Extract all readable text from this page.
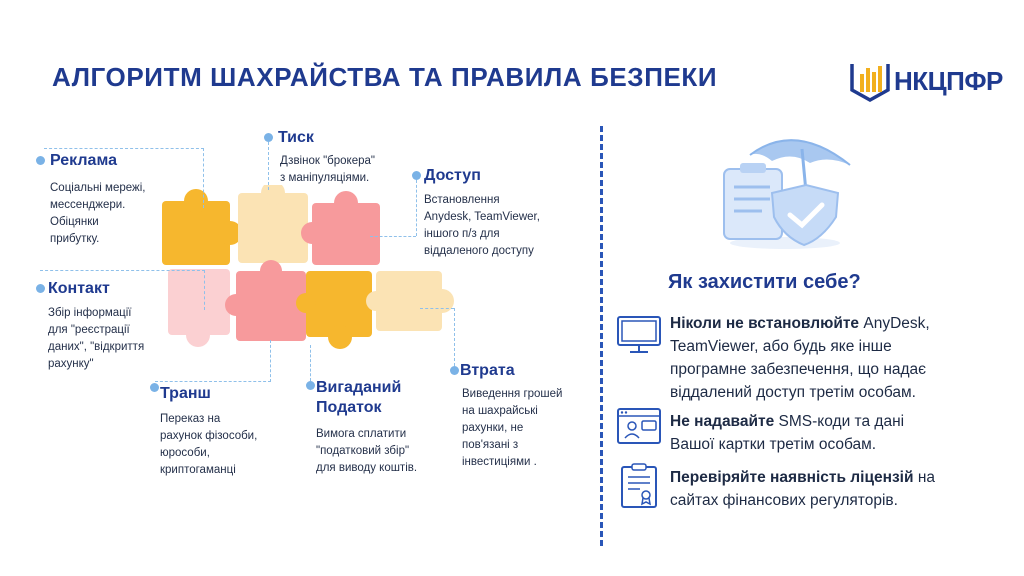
АЛГОРИТМ ШАХРАЙСТВА ТА ПРАВИЛА БЕЗПЕКИ	НКЦПФР
Реклама
Соціальні мережі,
мессенджери.
Обіцянки
прибутку.
Тиск
Дзвінок "брокера"
з маніпуляціями.	Доступ
Встановлення
Anydesk, TeamViewer,
іншого п/з для
віддаленого доступу
Контакт
Збір інформації
для "реєстрації
даних", "відкриття
рахунку"
Транш
Переказ на
рахунок фізособи,
юрособи,
криптогаманці
Вигаданий
Податок
Вимога сплатити
"податковий збір"
для виводу коштів.
Втрата
Виведення грошей
на шахрайські
рахунки, не
пов'язані з
інвестиціями .
Як захистити себе?
Ніколи не встановлюйте AnyDesk,
TeamViewer, або будь яке інше
програмне забезпечення, що надає
віддалений доступ третім особам.
Не надавайте SMS-коди та дані
Вашої картки третім особам.
Перевіряйте наявність ліцензій на
сайтах фінансових регуляторів.
